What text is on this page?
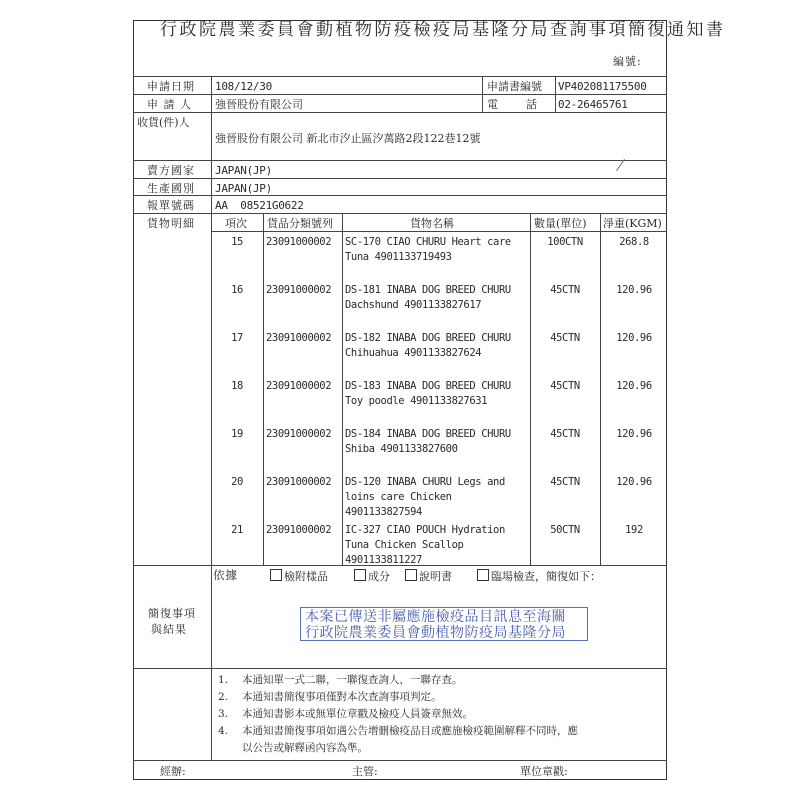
行政院農業委員會動植物防疫檢疫局基隆分局查詢事項簡復通知書
編號:
申請日期 108/12/30	申請書編號 VP402081175500
申 請 人 強晉股份有限公司	電　　話 02-26465761
收貨(件)人
強晉股份有限公司 新北市汐止區汐萬路2段122巷12號
賣方國家 JAPAN(JP)
生產國別 JAPAN(JP)
報單號碼 AA  08521G0622
貨物明細	項次 貨品分類號列	貨物名稱	數量(單位) 淨重(KGM)
15	23091000002	SC-170 CIAO CHURU Heart care
Tuna 4901133719493
100CTN	268.8
16	23091000002	DS-181 INABA DOG BREED CHURU
Dachshund 4901133827617
45CTN	120.96
17	23091000002	DS-182 INABA DOG BREED CHURU
Chihuahua 4901133827624
45CTN	120.96
18	23091000002	DS-183 INABA DOG BREED CHURU
Toy poodle 4901133827631
45CTN	120.96
19	23091000002	DS-184 INABA DOG BREED CHURU
Shiba 4901133827600
45CTN	120.96
20	23091000002	DS-120 INABA CHURU Legs and
loins care Chicken
4901133827594
45CTN	120.96
21	23091000002	IC-327 CIAO POUCH Hydration
Tuna Chicken Scallop
4901133811227
50CTN	192
依據	檢附樣品	成分	說明書	臨場檢查，簡復如下：
簡復事項
與結果
本案已傳送非屬應施檢疫品目訊息至海關
行政院農業委員會動植物防疫局基隆分局
1. 本通知單一式二聯，一聯復查詢人，一聯存查。
2. 本通知書簡復事項僅對本次查詢事項判定。
3. 本通知書影本或無單位章戳及檢疫人員簽章無效。
4. 本通知書簡復事項如遇公告增刪檢疫品目或應施檢疫範圍解釋不同時，應
以公告或解釋函內容為準。
經辦:	主管:	單位章戳:
